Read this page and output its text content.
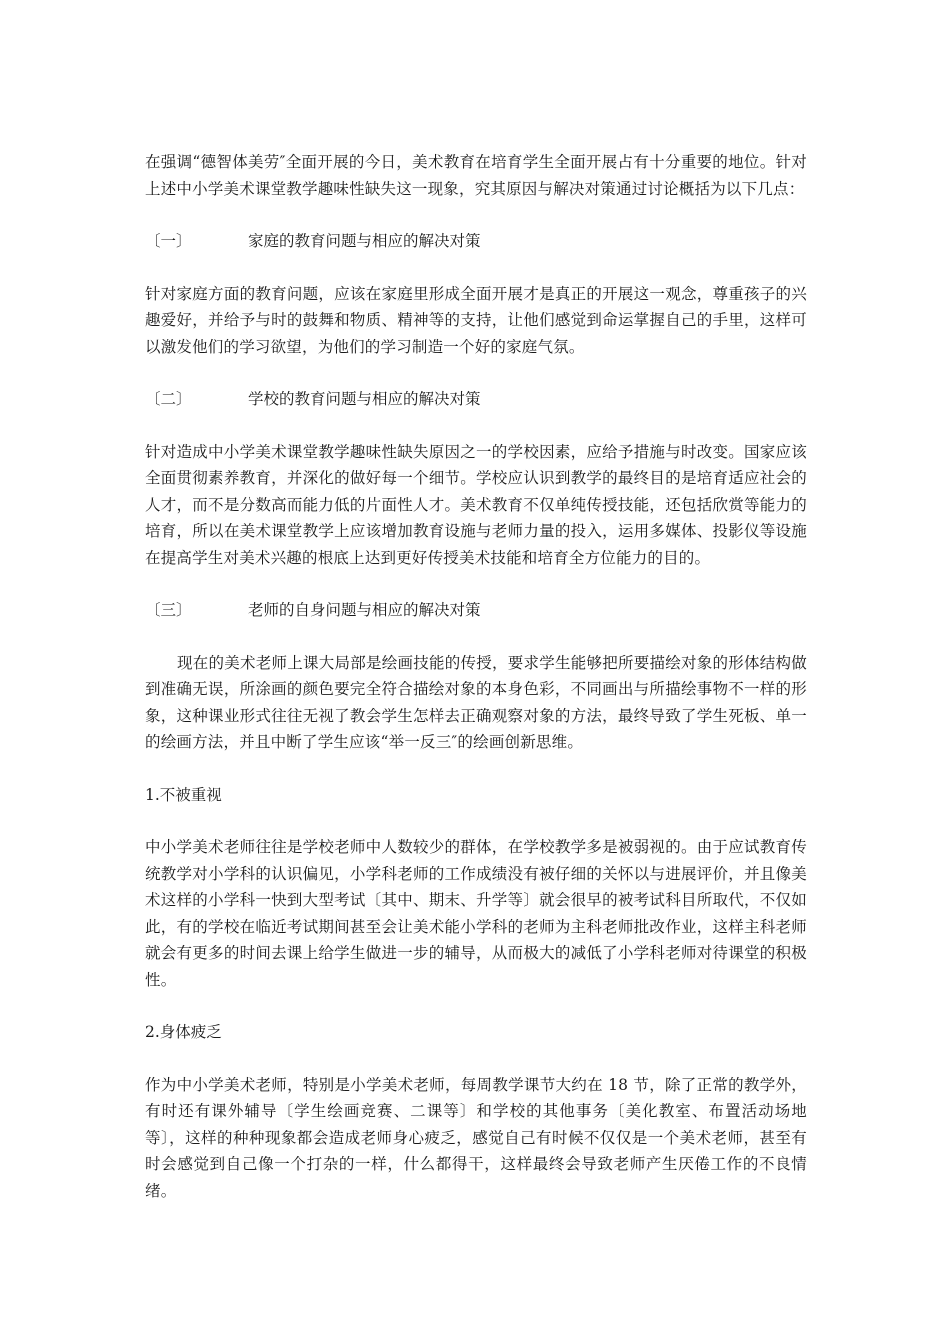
在强调“德智体美劳″全面开展的今日，美术教育在培育学生全面开展占有十分重要的地位。针对上述中小学美术课堂教学趣味性缺失这一现象，究其原因与解决对策通过讨论概括为以下几点：

〔一〕	家庭的教育问题与相应的解决对策

针对家庭方面的教育问题，应该在家庭里形成全面开展才是真正的开展这一观念，尊重孩子的兴趣爱好，并给予与时的鼓舞和物质、精神等的支持，让他们感觉到命运掌握自己的手里，这样可以激发他们的学习欲望，为他们的学习制造一个好的家庭气氛。

〔二〕	学校的教育问题与相应的解决对策

针对造成中小学美术课堂教学趣味性缺失原因之一的学校因素，应给予措施与时改变。国家应该全面贯彻素养教育，并深化的做好每一个细节。学校应认识到教学的最终目的是培育适应社会的人才，而不是分数高而能力低的片面性人才。美术教育不仅单纯传授技能，还包括欣赏等能力的培育，所以在美术课堂教学上应该增加教育设施与老师力量的投入，运用多媒体、投影仪等设施在提高学生对美术兴趣的根底上达到更好传授美术技能和培育全方位能力的目的。

〔三〕	老师的自身问题与相应的解决对策

现在的美术老师上课大局部是绘画技能的传授，要求学生能够把所要描绘对象的形体结构做到准确无误，所涂画的颜色要完全符合描绘对象的本身色彩，不同画出与所描绘事物不一样的形象，这种课业形式往往无视了教会学生怎样去正确观察对象的方法，最终导致了学生死板、单一的绘画方法，并且中断了学生应该“举一反三″的绘画创新思维。

1.不被重视

中小学美术老师往往是学校老师中人数较少的群体，在学校教学多是被弱视的。由于应试教育传统教学对小学科的认识偏见，小学科老师的工作成绩没有被仔细的关怀以与进展评价，并且像美术这样的小学科一快到大型考试〔其中、期末、升学等〕就会很早的被考试科目所取代，不仅如此，有的学校在临近考试期间甚至会让美术能小学科的老师为主科老师批改作业，这样主科老师就会有更多的时间去课上给学生做进一步的辅导，从而极大的减低了小学科老师对待课堂的积极性。

2.身体疲乏

作为中小学美术老师，特别是小学美术老师，每周教学课节大约在 18 节，除了正常的教学外，有时还有课外辅导〔学生绘画竞赛、二课等〕和学校的其他事务〔美化教室、布置活动场地等〕，这样的种种现象都会造成老师身心疲乏，感觉自己有时候不仅仅是一个美术老师，甚至有时会感觉到自己像一个打杂的一样，什么都得干，这样最终会导致老师产生厌倦工作的不良情绪。
